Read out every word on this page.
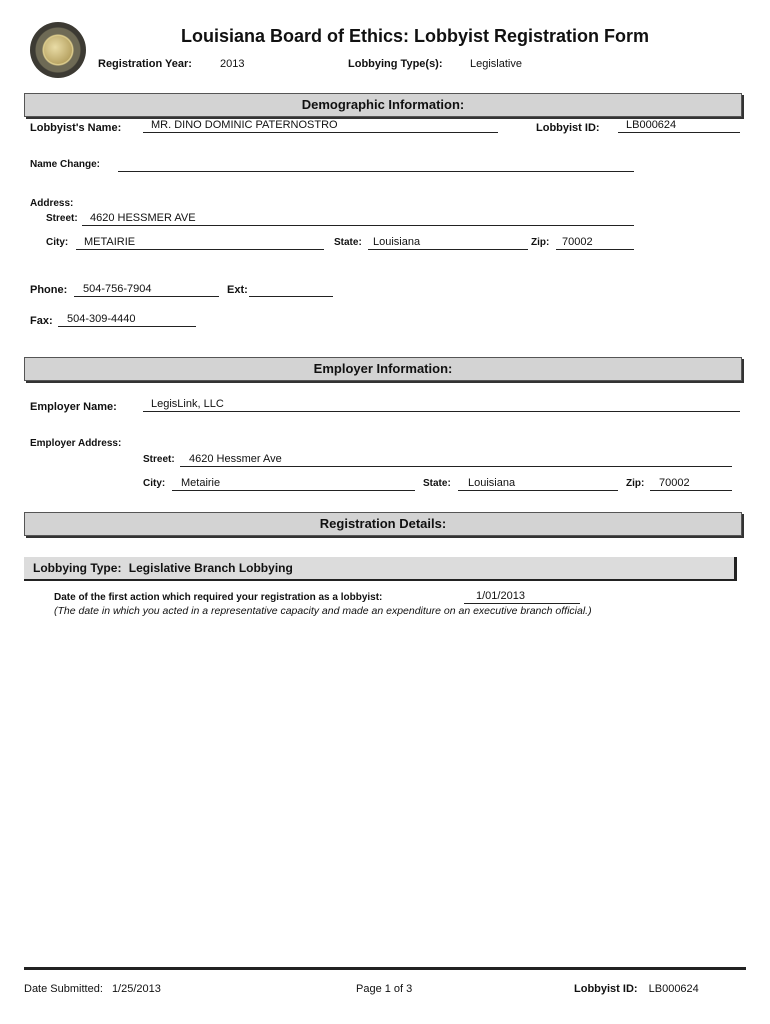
Louisiana Board of Ethics: Lobbyist Registration Form
Registration Year:	2013	Lobbying Type(s): Legislative
Demographic Information:
Lobbyist's Name:	MR. DINO DOMINIC PATERNOSTRO	Lobbyist ID: LB000624
Name Change:
Address:
Street: 4620 HESSMER AVE
City: METAIRIE	State: Louisiana	Zip: 70002
Phone: 504-756-7904	Ext:
Fax: 504-309-4440
Employer Information:
Employer Name:	LegisLink, LLC
Employer Address:
Street: 4620 Hessmer Ave
City: Metairie	State: Louisiana	Zip: 70002
Registration Details:
Lobbying Type: Legislative Branch Lobbying
Date of the first action which required your registration as a lobbyist:	1/01/2013
(The date in which you acted in a representative capacity and made an expenditure on an executive branch official.)
Date Submitted: 1/25/2013	Page 1 of 3	Lobbyist ID: LB000624
